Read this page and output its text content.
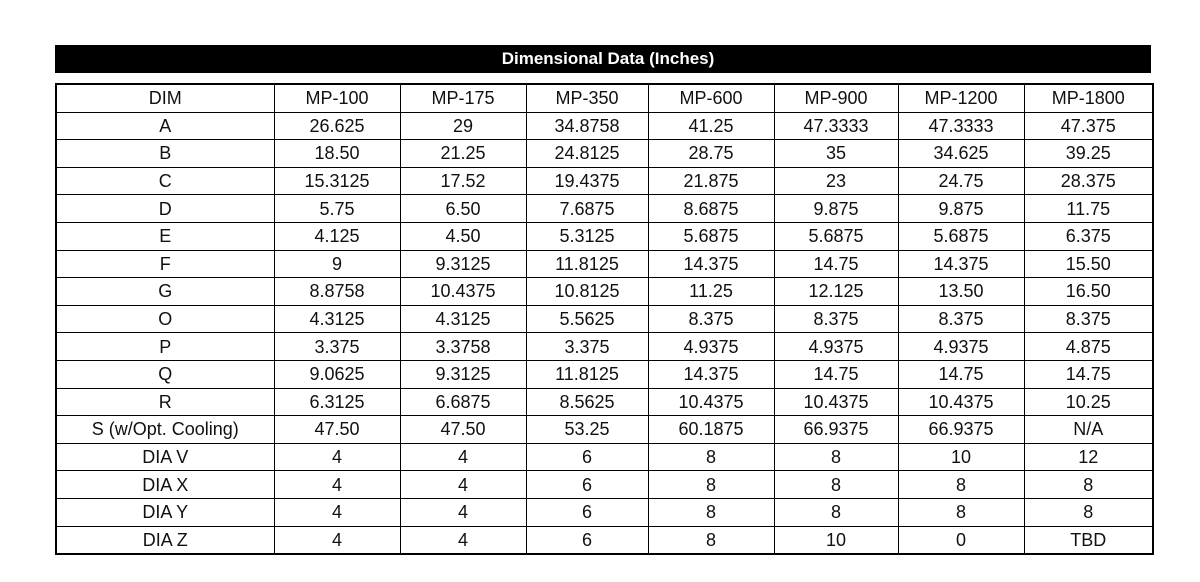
Dimensional Data (Inches)
DIM	MP-100	MP-175	MP-350	MP-600	MP-900	MP-1200	MP-1800
A	26.625	29	34.8758	41.25	47.3333	47.3333	47.375
B	18.50	21.25	24.8125	28.75	35	34.625	39.25
C	15.3125	17.52	19.4375	21.875	23	24.75	28.375
D	5.75	6.50	7.6875	8.6875	9.875	9.875	11.75
E	4.125	4.50	5.3125	5.6875	5.6875	5.6875	6.375
F	9	9.3125	11.8125	14.375	14.75	14.375	15.50
G	8.8758	10.4375	10.8125	11.25	12.125	13.50	16.50
O	4.3125	4.3125	5.5625	8.375	8.375	8.375	8.375
P	3.375	3.3758	3.375	4.9375	4.9375	4.9375	4.875
Q	9.0625	9.3125	11.8125	14.375	14.75	14.75	14.75
R	6.3125	6.6875	8.5625	10.4375	10.4375	10.4375	10.25
S (w/Opt. Cooling)	47.50	47.50	53.25	60.1875	66.9375	66.9375	N/A
DIA V	4	4	6	8	8	10	12
DIA X	4	4	6	8	8	8	8
DIA Y	4	4	6	8	8	8	8
DIA Z	4	4	6	8	10	0	TBD
